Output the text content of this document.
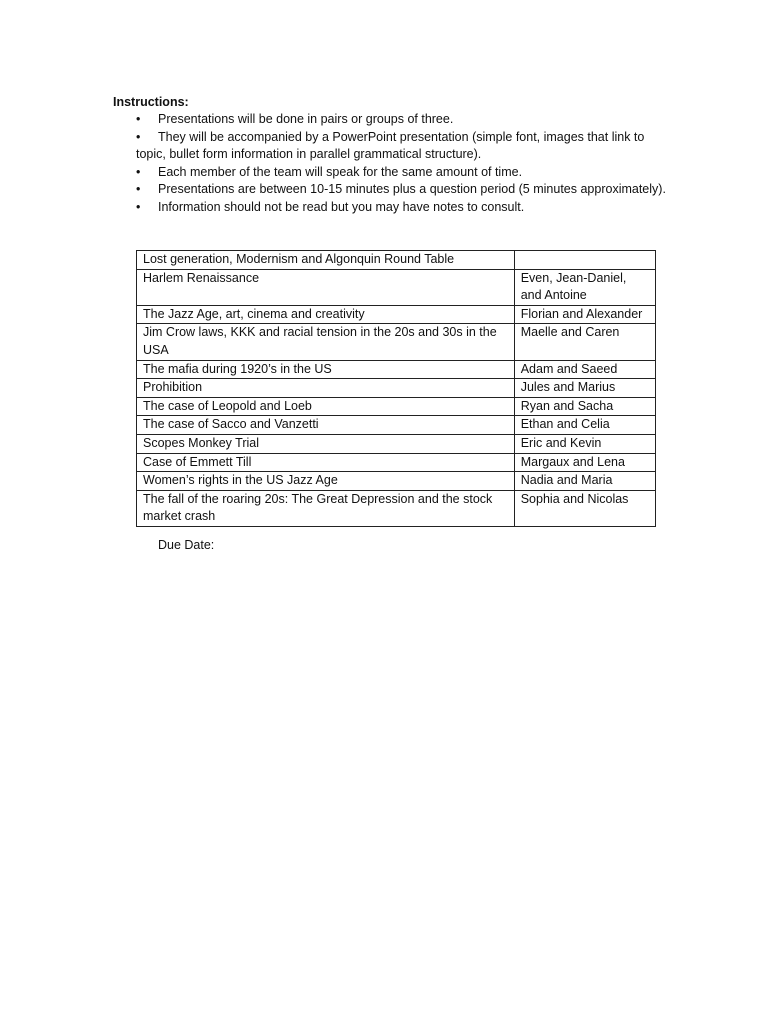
Instructions:
•	Presentations will be done in pairs or groups of three.
•	They will be accompanied by a PowerPoint presentation (simple font, images that link to topic, bullet form information in parallel grammatical structure).
•	Each member of the team will speak for the same amount of time.
•	Presentations are between 10-15 minutes plus a question period (5 minutes approximately).
•	Information should not be read but you may have notes to consult.
Lost generation, Modernism and Algonquin Round Table	
Harlem Renaissance	Even, Jean-Daniel, and Antoine
The Jazz Age, art, cinema and creativity	Florian and Alexander
Jim Crow laws, KKK and racial tension in the 20s and 30s in the USA	Maelle and Caren
The mafia during 1920’s in the US	Adam and Saeed
Prohibition	Jules and Marius
The case of Leopold and Loeb	Ryan and Sacha
The case of Sacco and Vanzetti	Ethan and Celia
Scopes Monkey Trial	Eric and Kevin
Case of Emmett Till	Margaux and Lena
Women’s rights in the US Jazz Age	Nadia and Maria
The fall of the roaring 20s: The Great Depression and the stock market crash	Sophia and Nicolas
Due Date:
